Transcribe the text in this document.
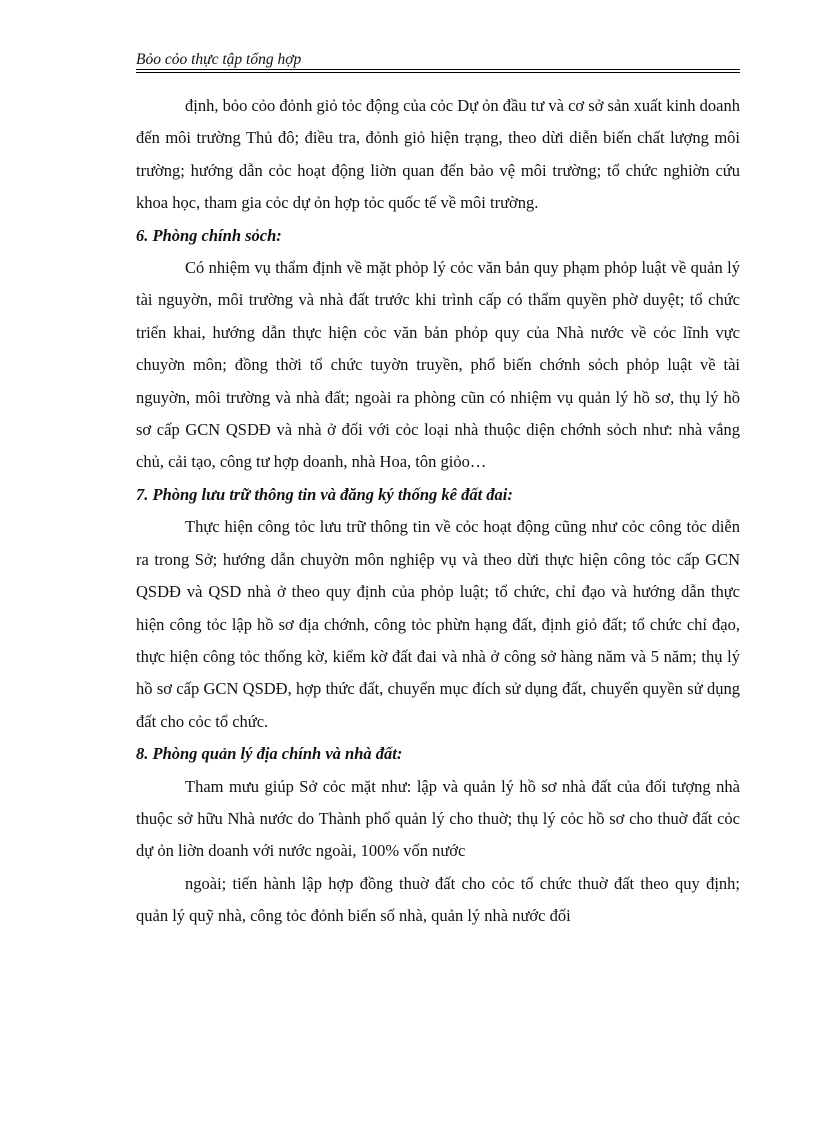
Bỏo cỏo thực tập tổng hợp

định, bỏo cỏo đỏnh giỏ tỏc động của cỏc Dự ỏn đầu tư và cơ sở sản xuất kinh doanh đến môi trường Thủ đô; điều tra, đỏnh giỏ hiện trạng, theo dừi diễn biến chất lượng môi trường; hướng dẫn cỏc hoạt động liờn quan đến bảo vệ môi trường; tổ chức nghiờn cứu khoa học, tham gia cỏc dự ỏn hợp tỏc quốc tế về môi trường.

6. Phòng chính sỏch:

Có nhiệm vụ thẩm định về mặt phỏp lý cỏc văn bản quy phạm phỏp luật về quản lý tài nguyờn, môi trường và nhà đất trước khi trình cấp có thẩm quyền phờ duyệt; tổ chức triển khai, hướng dẫn thực hiện cỏc văn bản phỏp quy của Nhà nước về cỏc lĩnh vực chuyờn môn; đồng thời tổ chức tuyờn truyền, phổ biến chớnh sỏch phỏp luật về tài nguyờn, môi trường và nhà đất; ngoài ra phòng cũn có nhiệm vụ quản lý hồ sơ, thụ lý hồ sơ cấp GCN QSDĐ và nhà ở đối với cỏc loại nhà thuộc diện chớnh sỏch như: nhà vắng chủ, cải tạo, công tư hợp doanh, nhà Hoa, tôn giỏo…

7. Phòng lưu trữ thông tin và đăng ký thống kê đất đai:

Thực hiện công tỏc lưu trữ thông tin về cỏc hoạt động cũng như cỏc công tỏc diễn ra trong Sở; hướng dẫn chuyờn môn nghiệp vụ và theo dừi thực hiện công tỏc cấp GCN QSDĐ và QSD nhà ở theo quy định của phỏp luật; tổ chức, chỉ đạo và hướng dẫn thực hiện công tỏc lập hồ sơ địa chớnh, công tỏc phừn hạng đất, định giỏ đất; tổ chức chỉ đạo, thực hiện công tỏc thống kờ, kiểm kờ đất đai và nhà ở công sở hàng năm và 5 năm; thụ lý hồ sơ cấp GCN QSDĐ, hợp thức đất, chuyển mục đích sử dụng đất, chuyển quyền sử dụng đất cho cỏc tổ chức.

8. Phòng quản lý địa chính và nhà đất:

Tham mưu giúp Sở cỏc mặt như: lập và quản lý hồ sơ nhà đất của đối tượng nhà thuộc sở hữu Nhà nước do Thành phố quản lý cho thuờ; thụ lý cỏc hồ sơ cho thuờ đất cỏc dự ỏn liờn doanh với nước ngoài, 100% vốn nước

ngoài; tiến hành lập hợp đồng thuờ đất cho cỏc tổ chức thuờ đất theo quy định; quản lý quỹ nhà, công tỏc đỏnh biển số nhà, quản lý nhà nước đối
